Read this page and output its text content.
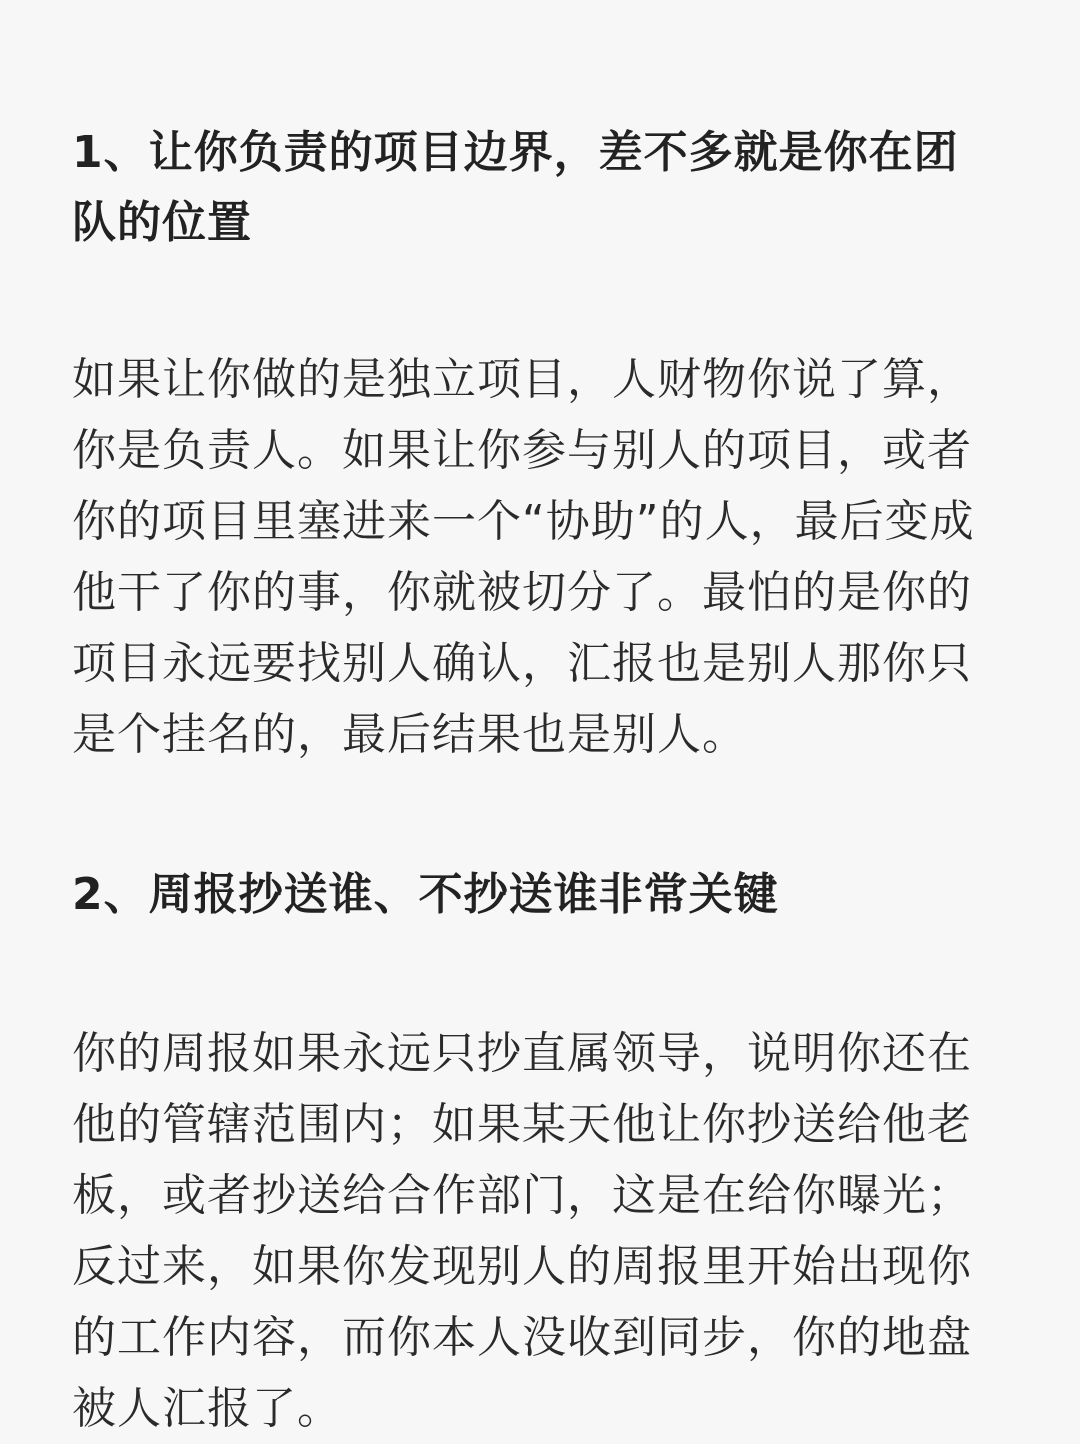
1、让你负责的项目边界，差不多就是你在团队的位置

如果让你做的是独立项目，人财物你说了算，你是负责人。如果让你参与别人的项目，或者你的项目里塞进来一个“协助”的人，最后变成他干了你的事，你就被切分了。最怕的是你的项目永远要找别人确认，汇报也是别人那你只是个挂名的，最后结果也是别人。

2、周报抄送谁、不抄送谁非常关键

你的周报如果永远只抄直属领导，说明你还在他的管辖范围内；如果某天他让你抄送给他老板，或者抄送给合作部门，这是在给你曝光；反过来，如果你发现别人的周报里开始出现你的工作内容，而你本人没收到同步，你的地盘被人汇报了。
